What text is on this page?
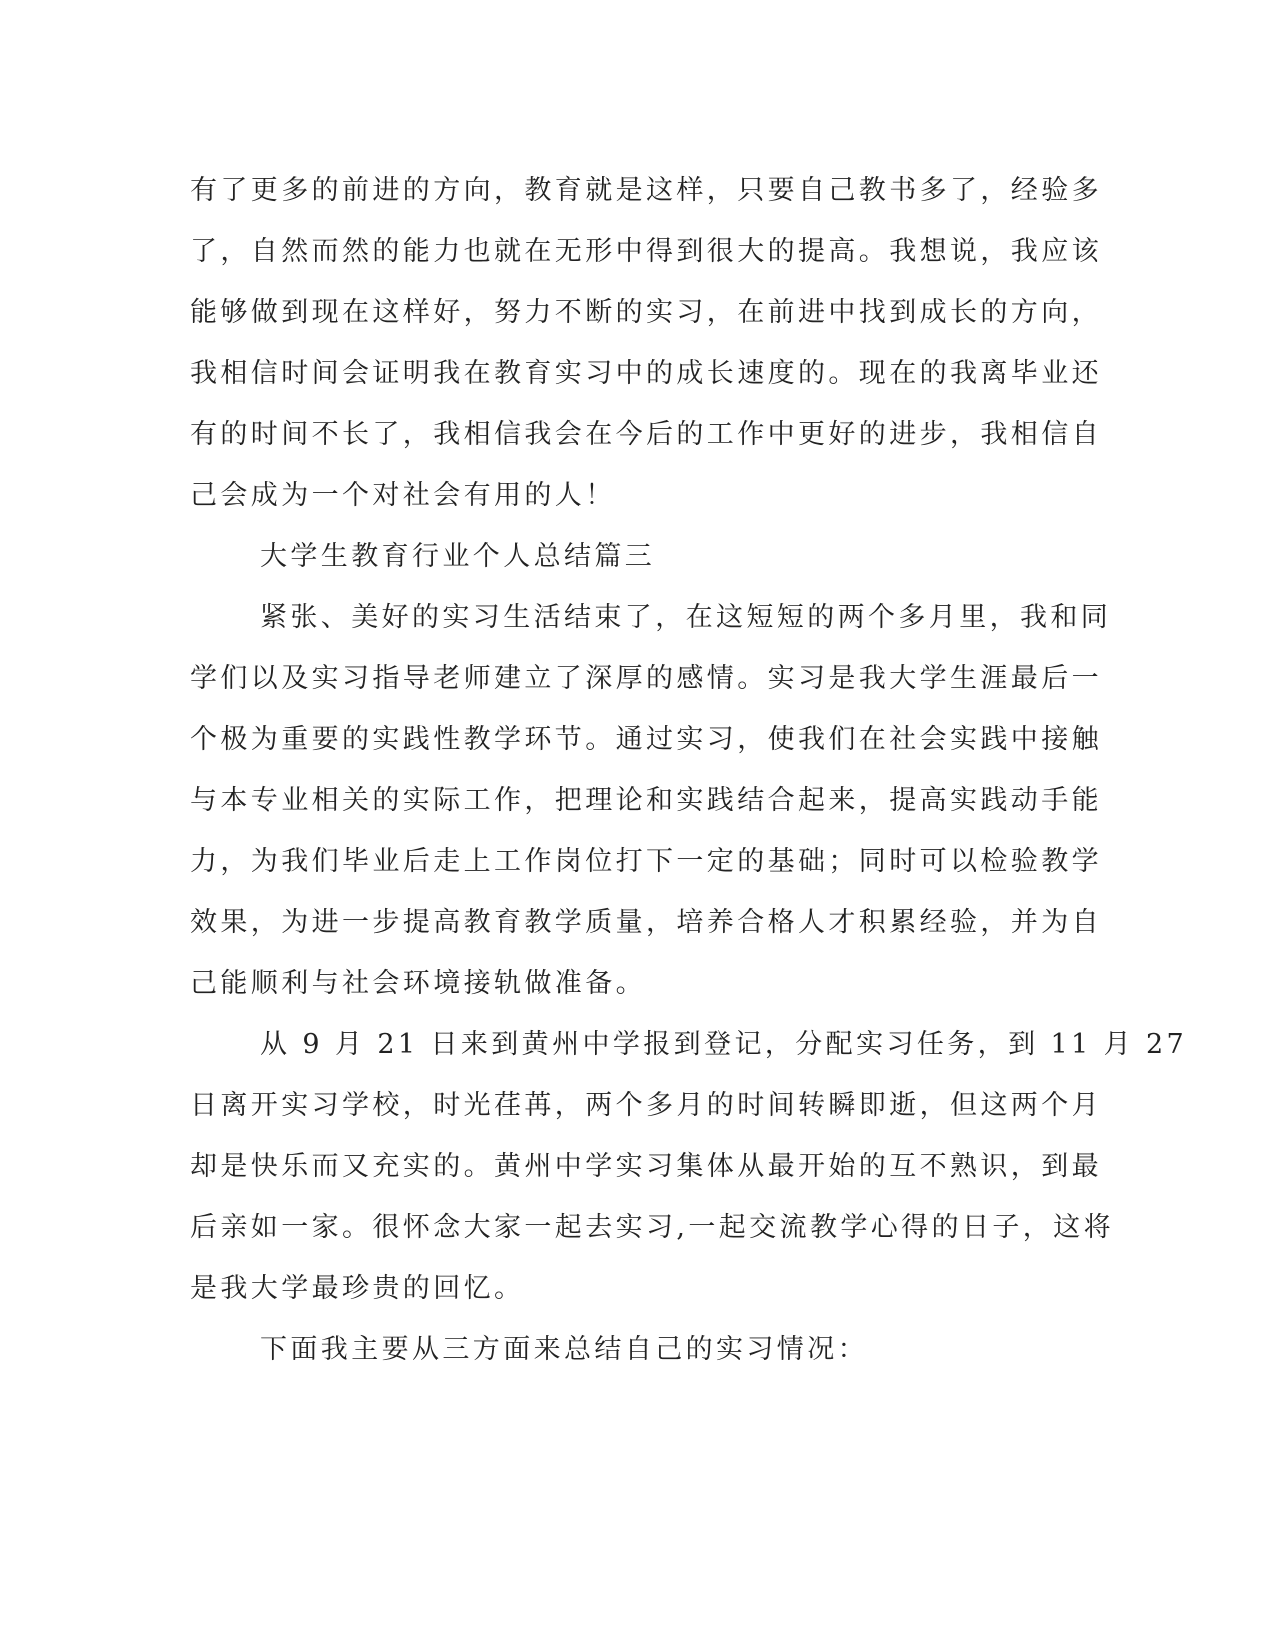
有了更多的前进的方向，教育就是这样，只要自己教书多了，经验多
了，自然而然的能力也就在无形中得到很大的提高。我想说，我应该
能够做到现在这样好，努力不断的实习，在前进中找到成长的方向，
我相信时间会证明我在教育实习中的成长速度的。现在的我离毕业还
有的时间不长了，我相信我会在今后的工作中更好的进步，我相信自
己会成为一个对社会有用的人！
大学生教育行业个人总结篇三
紧张、美好的实习生活结束了，在这短短的两个多月里，我和同
学们以及实习指导老师建立了深厚的感情。实习是我大学生涯最后一
个极为重要的实践性教学环节。通过实习，使我们在社会实践中接触
与本专业相关的实际工作，把理论和实践结合起来，提高实践动手能
力，为我们毕业后走上工作岗位打下一定的基础；同时可以检验教学
效果，为进一步提高教育教学质量，培养合格人才积累经验，并为自
己能顺利与社会环境接轨做准备。
从 9 月 21 日来到黄州中学报到登记，分配实习任务，到 11 月 27
日离开实习学校，时光荏苒，两个多月的时间转瞬即逝，但这两个月
却是快乐而又充实的。黄州中学实习集体从最开始的互不熟识，到最
后亲如一家。很怀念大家一起去实习,一起交流教学心得的日子，这将
是我大学最珍贵的回忆。
下面我主要从三方面来总结自己的实习情况：
